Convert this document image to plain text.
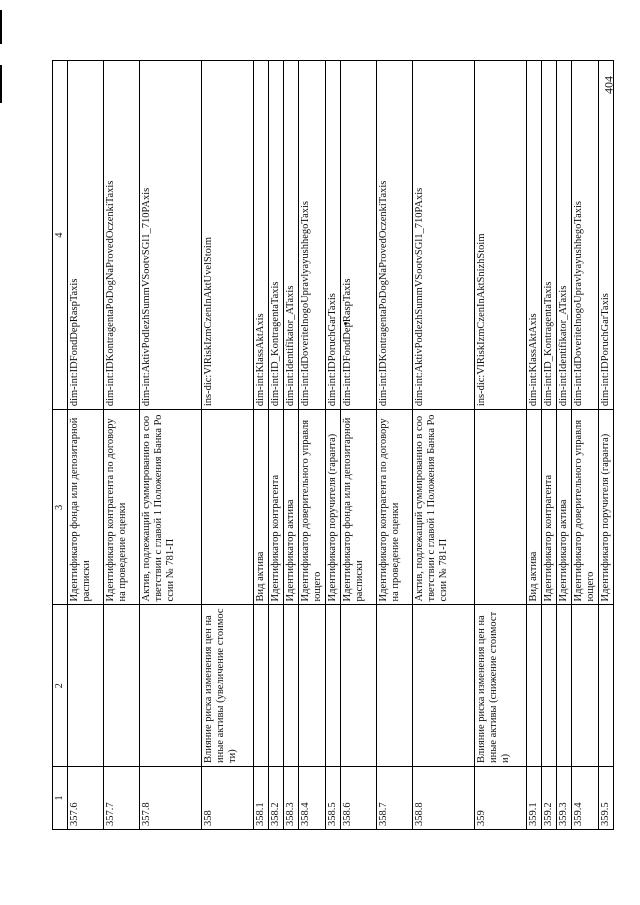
404
1	2	3	4
357.6		Идентификатор фонда или депозитарной расписки	dim-int:IDFondDepRaspTaxis
357.7		Идентификатор контрагента по договору на проведение оценки	dim-int:IDKontragentaPoDogNaProvedOczenkiTaxis
357.8		Актив, подлежащий суммированию в соответствии с главой 1 Положения Банка России № 781-П	dim-int:AktivPodlezhSummVSootvSGl1_710PAxis
358	Влияние риска изменения цен на иные активы (увеличение стоимости)		ins-dic:VlRiskIzmCzenInAktUvelStoim
358.1		Вид актива	dim-int:KlassAktAxis
358.2		Идентификатор контрагента	dim-int:ID_KontragentaTaxis
358.3		Идентификатор актива	dim-int:Identifikator_ATaxis
358.4		Идентификатор доверительного управляющего	dim-int:IdDoveritelnogoUpravlyayushhegoTaxis
358.5		Идентификатор поручителя (гаранта)	dim-int:IDPoruchGarTaxis
358.6		Идентификатор фонда или депозитарной расписки	dim-int:IDFondDepRaspTaxis
358.7		Идентификатор контрагента по договору на проведение оценки	dim-int:IDKontragentaPoDogNaProvedOczenkiTaxis
358.8		Актив, подлежащий суммированию в соответствии с главой 1 Положения Банка России № 781-П	dim-int:AktivPodlezhSummVSootvSGl1_710PAxis
359	Влияние риска изменения цен на иные активы (снижение стоимости)		ins-dic:VlRiskIzmCzenInAktSnizhStoim
359.1		Вид актива	dim-int:KlassAktAxis
359.2		Идентификатор контрагента	dim-int:ID_KontragentaTaxis
359.3		Идентификатор актива	dim-int:Identifikator_ATaxis
359.4		Идентификатор доверительного управляющего	dim-int:IdDoveritelnogoUpravlyayushhegoTaxis
359.5		Идентификатор поручителя (гаранта)	dim-int:IDPoruchGarTaxis
